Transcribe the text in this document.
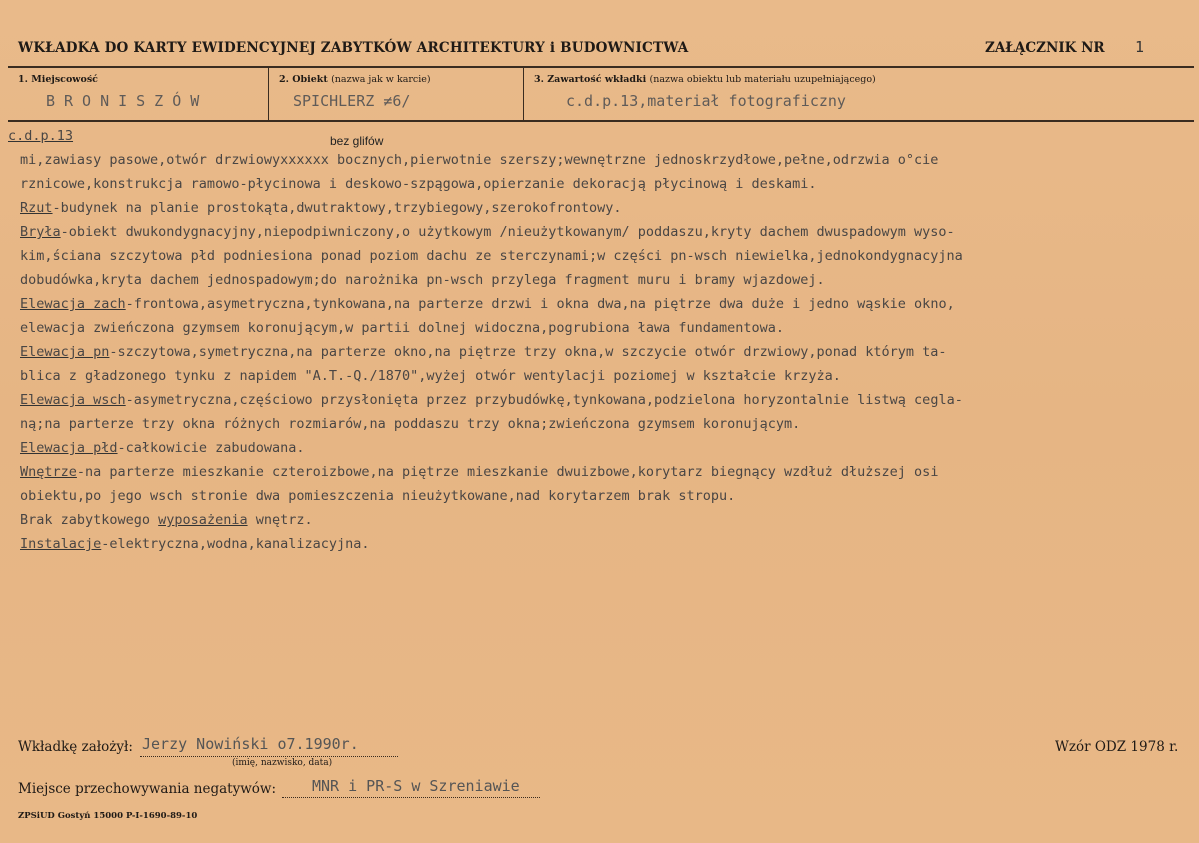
WKŁADKA DO KARTY EWIDENCYJNEJ ZABYTKÓW ARCHITEKTURY i BUDOWNICTWA	ZAŁĄCZNIK NR 1
1. Miejscowość
BRONISZÓW
2. Obiekt (nazwa jak w karcie)
SPICHLERZ ≠6/
3. Zawartość wkładki (nazwa obiektu lub materiału uzupełniającego)
c.d.p.13,materiał fotograficzny
bez glifów
c.d.p.13
mi,zawiasy pasowe,otwór drzwiowyxxxxxx bocznych,pierwotnie szerszy;wewnętrzne jednoskrzydłowe,pełne,odrzwia o°cie
rznicowe,konstrukcja ramowo-płycinowa i deskowo-szpągowa,opierzanie dekoracją płycinową i deskami.
Rzut-budynek na planie prostokąta,dwutraktowy,trzybiegowy,szerokofrontowy.
Bryła-obiekt dwukondygnacyjny,niepodpiwniczony,o użytkowym /nieużytkowanym/ poddaszu,kryty dachem dwuspadowym wyso-
kim,ściana szczytowa płd podniesiona ponad poziom dachu ze sterczynami;w części pn-wsch niewielka,jednokondygnacyjna
dobudówka,kryta dachem jednospadowym;do narożnika pn-wsch przylega fragment muru i bramy wjazdowej.
Elewacja zach-frontowa,asymetryczna,tynkowana,na parterze drzwi i okna dwa,na piętrze dwa duże i jedno wąskie okno,
elewacja zwieńczona gzymsem koronującym,w partii dolnej widoczna,pogrubiona ława fundamentowa.
Elewacja pn-szczytowa,symetryczna,na parterze okno,na piętrze trzy okna,w szczycie otwór drzwiowy,ponad którym ta-
blica z gładzonego tynku z napidem "A.T.-Q./1870",wyżej otwór wentylacji poziomej w kształcie krzyża.
Elewacja wsch-asymetryczna,częściowo przysłonięta przez przybudówkę,tynkowana,podzielona horyzontalnie listwą cegla-
ną;na parterze trzy okna różnych rozmiarów,na poddaszu trzy okna;zwieńczona gzymsem koronującym.
Elewacja płd-całkowicie zabudowana.
Wnętrze-na parterze mieszkanie czteroizbowe,na piętrze mieszkanie dwuizbowe,korytarz biegnący wzdłuż dłuższej osi
obiektu,po jego wsch stronie dwa pomieszczenia nieużytkowane,nad korytarzem brak stropu.
Brak zabytkowego wyposażenia wnętrz.
Instalacje-elektryczna,wodna,kanalizacyjna.
Wkładkę założył: Jerzy Nowiński o7.1990r.
(imię, nazwisko, data)
Wzór ODZ 1978 r.
Miejsce przechowywania negatywów: MNR i PR-S w Szreniawie
ZPSiUD Gostyń 15000 P-I-1690-89-10
